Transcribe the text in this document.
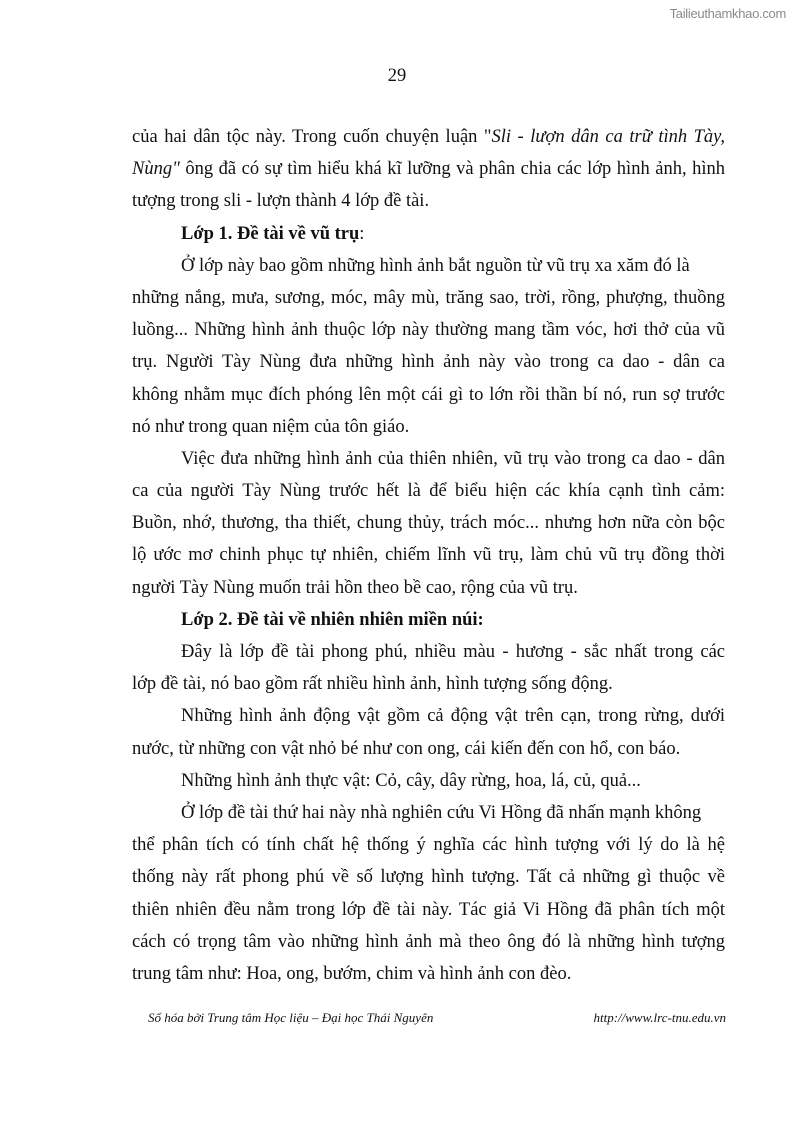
Tailieuthamkhao.com
29
của hai dân tộc này. Trong cuốn chuyện luận "Sli - lượn dân ca trữ tình Tày,
Nùng" ông đã có sự tìm hiểu khá kĩ lưỡng và phân chia các lớp hình ảnh, hình
tượng trong sli - lượn thành 4 lớp đề tài.
Lớp 1. Đề tài về vũ trụ:
Ở lớp này bao gồm những hình ảnh bắt nguồn từ vũ trụ xa xăm đó là
những nắng, mưa, sương, móc, mây mù, trăng sao, trời, rồng, phượng, thuồng
luồng... Những hình ảnh thuộc lớp này thường mang tầm vóc, hơi thở của vũ
trụ. Người Tày Nùng đưa những hình ảnh này vào trong ca dao - dân ca
không nhằm mục đích phóng lên một cái gì to lớn rồi thần bí nó, run sợ trước
nó như trong quan niệm của tôn giáo.
Việc đưa những hình ảnh của thiên nhiên, vũ trụ vào trong ca dao - dân
ca của người Tày Nùng trước hết là để biểu hiện các khía cạnh tình cảm:
Buồn, nhớ, thương, tha thiết, chung thủy, trách móc... nhưng hơn nữa còn bộc
lộ ước mơ chinh phục tự nhiên, chiếm lĩnh vũ trụ, làm chủ vũ trụ đồng thời
người Tày Nùng muốn trải hồn theo bề cao, rộng của vũ trụ.
Lớp 2. Đề tài về nhiên nhiên miền núi:
Đây là lớp đề tài phong phú, nhiều màu - hương - sắc nhất trong các
lớp đề tài, nó bao gồm rất nhiều hình ảnh, hình tượng sống động.
Những hình ảnh động vật gồm cả động vật trên cạn, trong rừng, dưới
nước, từ những con vật nhỏ bé như con ong, cái kiến đến con hổ, con báo.
Những hình ảnh thực vật: Cỏ, cây, dây rừng, hoa, lá, củ, quả...
Ở lớp đề tài thứ hai này nhà nghiên cứu Vi Hồng đã nhấn mạnh không
thể phân tích có tính chất hệ thống ý nghĩa các hình tượng với lý do là hệ
thống này rất phong phú về số lượng hình tượng. Tất cả những gì thuộc về
thiên nhiên đều nằm trong lớp đề tài này. Tác giả Vi Hồng đã phân tích một
cách có trọng tâm vào những hình ảnh mà theo ông đó là những hình tượng
trung tâm như: Hoa, ong, bướm, chim và hình ảnh con đèo.
Số hóa bởi Trung tâm Học liệu – Đại học Thái Nguyên	http://www.lrc-tnu.edu.vn
